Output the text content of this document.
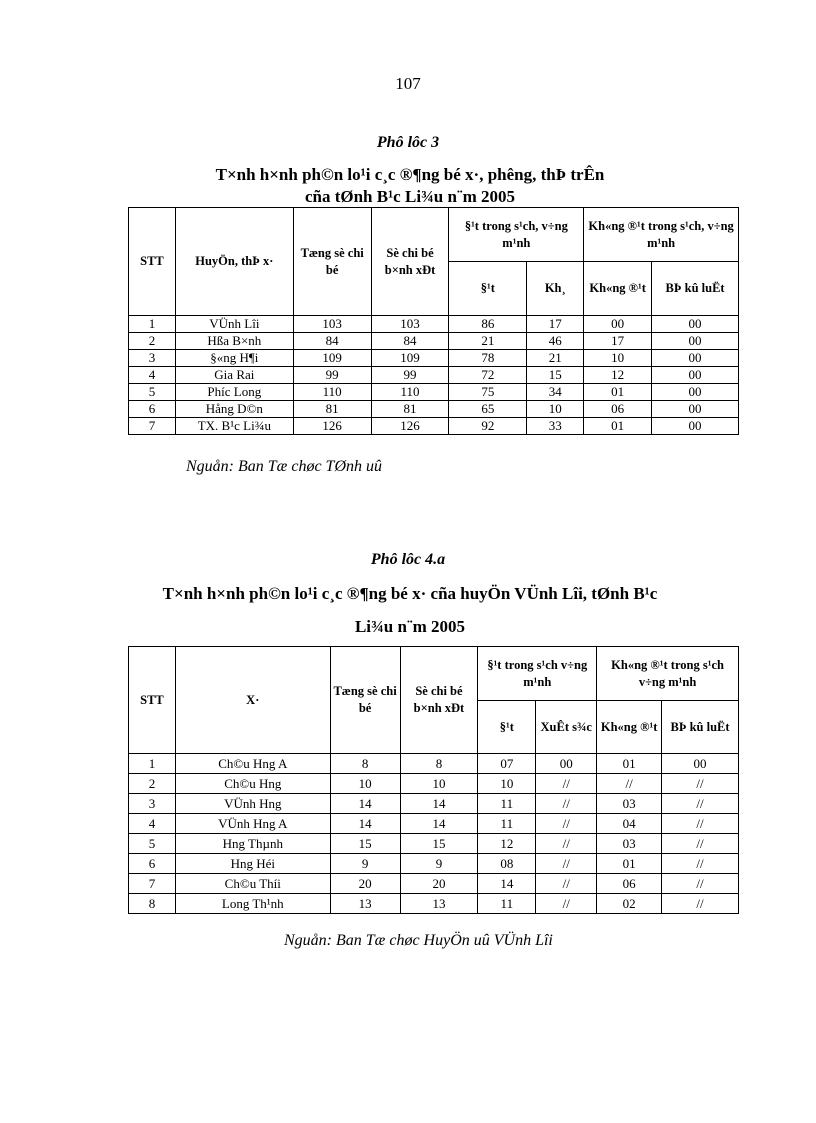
107
Phô lôc 3
T×nh h×nh ph©n lo¹i c¸c ®¶ng bé x·, phêng, thÞ trÊn
cña tØnh B¹c Li¾u n¨m 2005
STT	HuyÖn, thÞ x·	Tæng sè chi bé	Sè chi bé b×nh xÐt	§¹t trong s¹ch, v÷ng m¹nh		Kh«ng ®¹t trong s¹ch, v÷ng m¹nh	
				§¹t	Kh¸	Kh«ng ®¹t	BÞ kû luËt
1	VÜnh Lîi	103	103	86	17	00	00
2	Hßa B×nh	84	84	21	46	17	00
3	§«ng H¶i	109	109	78	21	10	00
4	Gia Rai	99	99	72	15	12	00
5	Phíc Long	110	110	75	34	01	00
6	Hång D©n	81	81	65	10	06	00
7	TX. B¹c Li¾u	126	126	92	33	01	00
Nguån: Ban Tæ chøc TØnh uû
Phô lôc 4.a
T×nh h×nh ph©n lo¹i c¸c ®¶ng bé x· cña huyÖn VÜnh Lîi, tØnh B¹c
Li¾u n¨m 2005
STT	X·	Tæng sè chi bé	Sè chi bé b×nh xÐt	§¹t trong s¹ch v÷ng m¹nh		Kh«ng ®¹t trong s¹ch v÷ng m¹nh	
				§¹t	XuÊt s¾c	Kh«ng ®¹t	BÞ kû luËt
1	Ch©u Hng A	8	8	07	00	01	00
2	Ch©u Hng	10	10	10	//	//	//
3	VÜnh Hng	14	14	11	//	03	//
4	VÜnh Hng A	14	14	11	//	04	//
5	Hng Thµnh	15	15	12	//	03	//
6	Hng Héi	9	9	08	//	01	//
7	Ch©u Thíi	20	20	14	//	06	//
8	Long Th¹nh	13	13	11	//	02	//
Nguån: Ban Tæ chøc HuyÖn uû VÜnh Lîi
